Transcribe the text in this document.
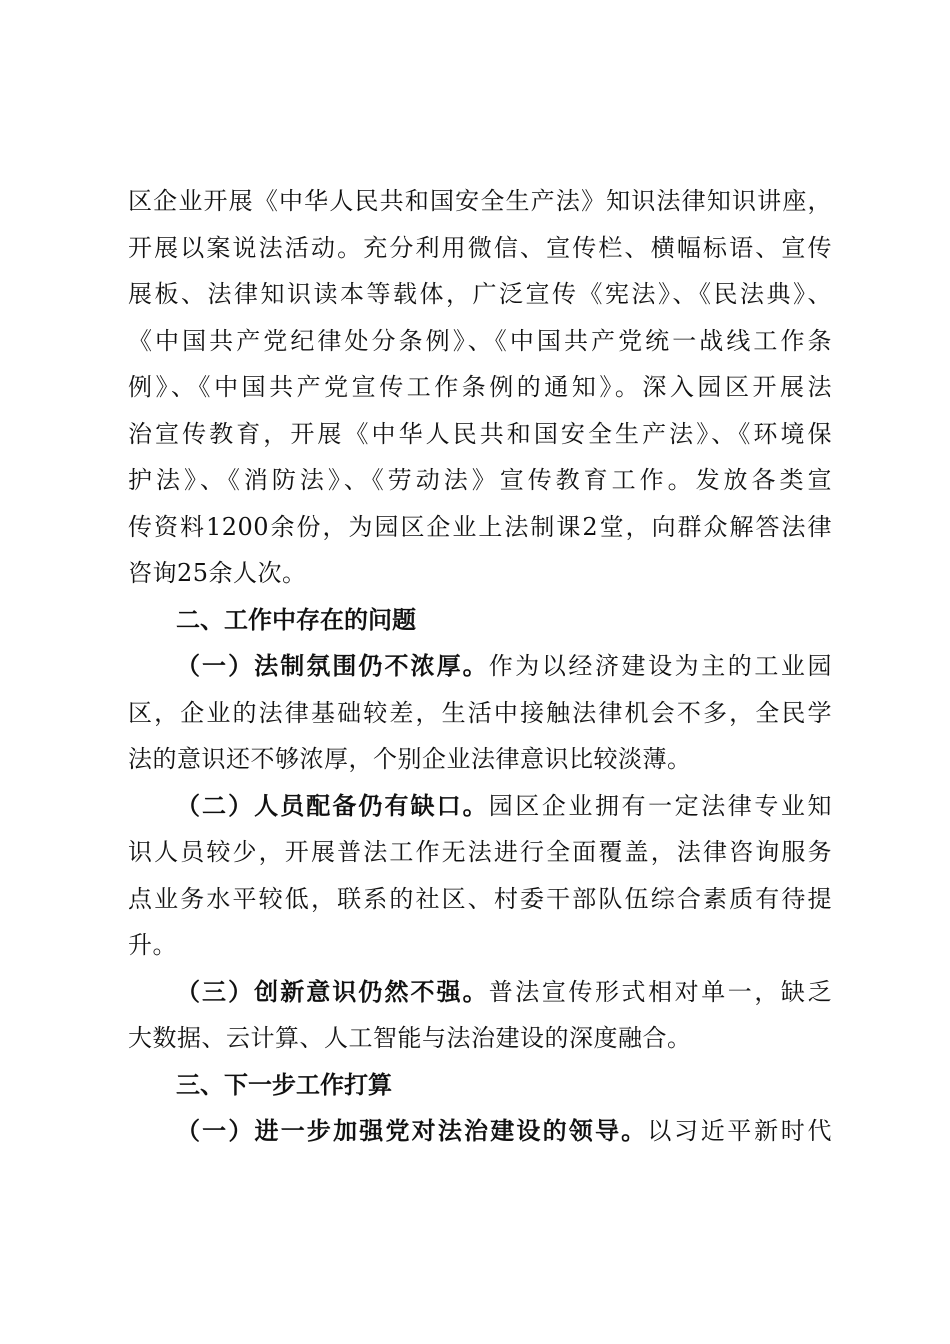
区企业开展《中华人民共和国安全生产法》知识法律知识讲座，
开展以案说法活动。充分利用微信、宣传栏、横幅标语、宣传
展板、法律知识读本等载体，广泛宣传《宪法》、《民法典》、
《中国共产党纪律处分条例》、《中国共产党统一战线工作条
例》、《中国共产党宣传工作条例的通知》。深入园区开展法
治宣传教育，开展《中华人民共和国安全生产法》、《环境保
护法》、《消防法》、《劳动法》宣传教育工作。发放各类宣
传资料1200余份，为园区企业上法制课2堂，向群众解答法律
咨询25余人次。
二、工作中存在的问题
（一）法制氛围仍不浓厚。作为以经济建设为主的工业园
区，企业的法律基础较差，生活中接触法律机会不多，全民学
法的意识还不够浓厚，个别企业法律意识比较淡薄。
（二）人员配备仍有缺口。园区企业拥有一定法律专业知
识人员较少，开展普法工作无法进行全面覆盖，法律咨询服务
点业务水平较低，联系的社区、村委干部队伍综合素质有待提
升。
（三）创新意识仍然不强。普法宣传形式相对单一，缺乏
大数据、云计算、人工智能与法治建设的深度融合。
三、下一步工作打算
（一）进一步加强党对法治建设的领导。以习近平新时代
